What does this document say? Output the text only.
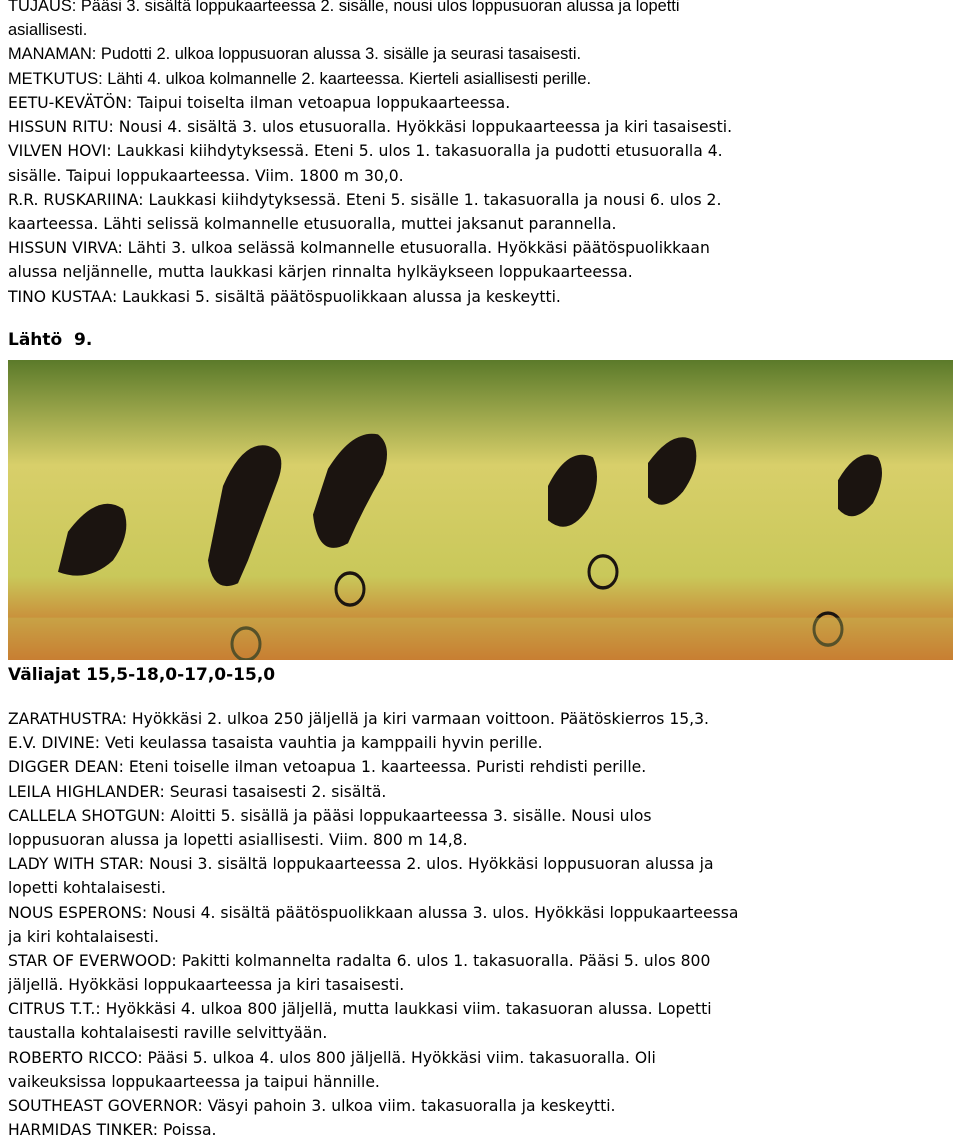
TUJAUS: Pääsi 3. sisältä loppukaarteessa 2. sisälle, nousi ulos loppusuoran alussa ja lopetti
asiallisesti.
MANAMAN: Pudotti 2. ulkoa loppusuoran alussa 3. sisälle ja seurasi tasaisesti.
METKUTUS: Lähti 4. ulkoa kolmannelle 2. kaarteessa. Kierteli asiallisesti perille.
EETU-KEVÄTÖN: Taipui toiselta ilman vetoapua loppukaarteessa.
HISSUN RITU: Nousi 4. sisältä 3. ulos etusuoralla. Hyökkäsi loppukaarteessa ja kiri tasaisesti.
VILVEN HOVI: Laukkasi kiihdytyksessä. Eteni 5. ulos 1. takasuoralla ja pudotti etusuoralla 4.
sisälle. Taipui loppukaarteessa. Viim. 1800 m 30,0.
R.R. RUSKARIINA: Laukkasi kiihdytyksessä. Eteni 5. sisälle 1. takasuoralla ja nousi 6. ulos 2.
kaarteessa. Lähti selissä kolmannelle etusuoralla, muttei jaksanut parannella.
HISSUN VIRVA: Lähti 3. ulkoa selässä kolmannelle etusuoralla. Hyökkäsi päätöspuolikkaan
alussa neljännelle, mutta laukkasi kärjen rinnalta hylkäykseen loppukaarteessa.
TINO KUSTAA: Laukkasi 5. sisältä päätöspuolikkaan alussa ja keskeytti.
Lähtö  9.
Väliajat 15,5-18,0-17,0-15,0
ZARATHUSTRA: Hyökkäsi 2. ulkoa 250 jäljellä ja kiri varmaan voittoon. Päätöskierros 15,3.
E.V. DIVINE: Veti keulassa tasaista vauhtia ja kamppaili hyvin perille.
DIGGER DEAN: Eteni toiselle ilman vetoapua 1. kaarteessa. Puristi rehdisti perille.
LEILA HIGHLANDER: Seurasi tasaisesti 2. sisältä.
CALLELA SHOTGUN: Aloitti 5. sisällä ja pääsi loppukaarteessa 3. sisälle. Nousi ulos
loppusuoran alussa ja lopetti asiallisesti. Viim. 800 m 14,8.
LADY WITH STAR: Nousi 3. sisältä loppukaarteessa 2. ulos. Hyökkäsi loppusuoran alussa ja
lopetti kohtalaisesti.
NOUS ESPERONS: Nousi 4. sisältä päätöspuolikkaan alussa 3. ulos. Hyökkäsi loppukaarteessa
ja kiri kohtalaisesti.
STAR OF EVERWOOD: Pakitti kolmannelta radalta 6. ulos 1. takasuoralla. Pääsi 5. ulos 800
jäljellä. Hyökkäsi loppukaarteessa ja kiri tasaisesti.
CITRUS T.T.: Hyökkäsi 4. ulkoa 800 jäljellä, mutta laukkasi viim. takasuoran alussa. Lopetti
taustalla kohtalaisesti raville selvittyään.
ROBERTO RICCO: Pääsi 5. ulkoa 4. ulos 800 jäljellä. Hyökkäsi viim. takasuoralla. Oli
vaikeuksissa loppukaarteessa ja taipui hännille.
SOUTHEAST GOVERNOR: Väsyi pahoin 3. ulkoa viim. takasuoralla ja keskeytti.
HARMIDAS TINKER: Poissa.
